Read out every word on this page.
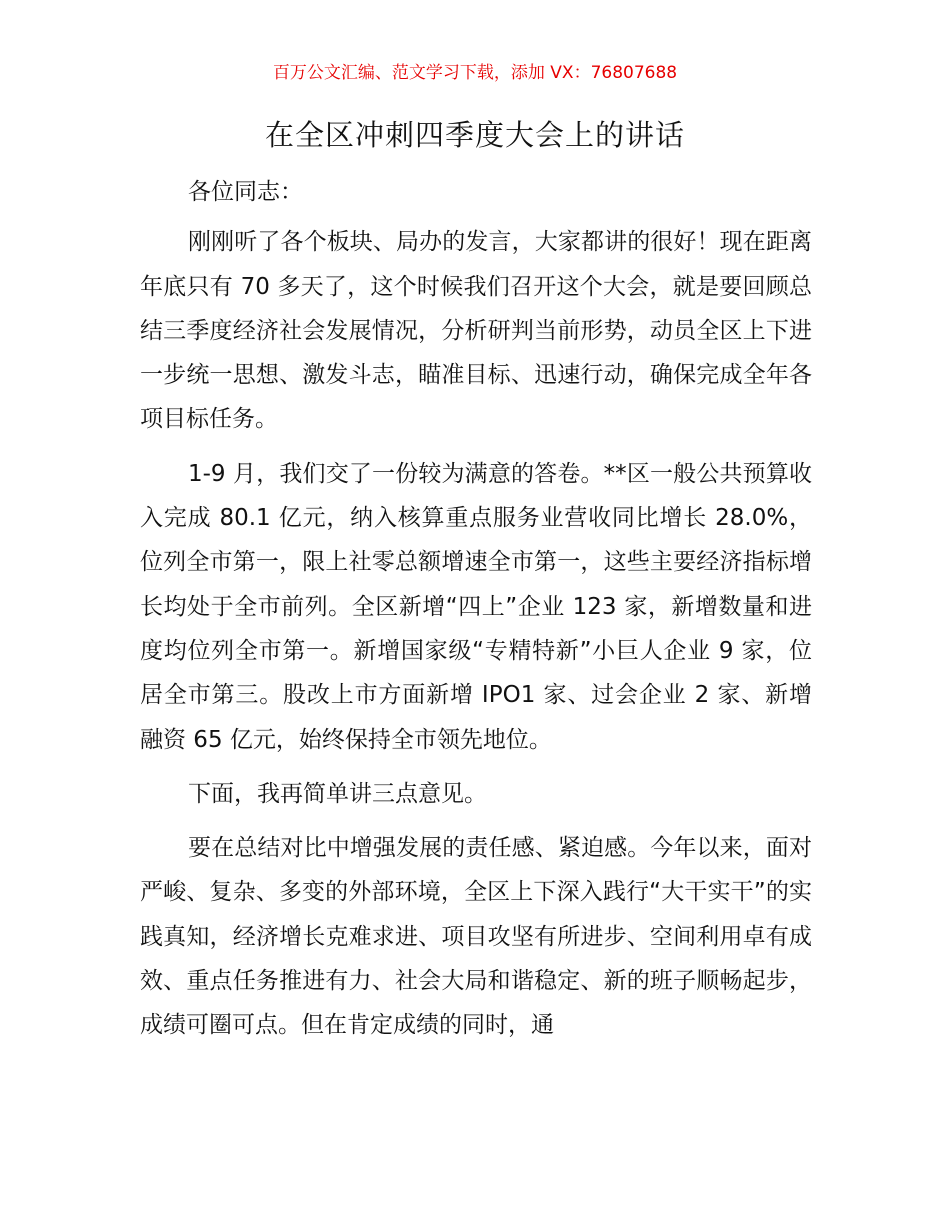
百万公文汇编、范文学习下载，添加 VX：76807688
在全区冲刺四季度大会上的讲话

各位同志：

刚刚听了各个板块、局办的发言，大家都讲的很好！现在距离年底只有 70 多天了，这个时候我们召开这个大会，就是要回顾总结三季度经济社会发展情况，分析研判当前形势，动员全区上下进一步统一思想、激发斗志，瞄准目标、迅速行动，确保完成全年各项目标任务。

1-9 月，我们交了一份较为满意的答卷。**区一般公共预算收入完成 80.1 亿元，纳入核算重点服务业营收同比增长 28.0%，位列全市第一，限上社零总额增速全市第一，这些主要经济指标增长均处于全市前列。全区新增“四上”企业 123 家，新增数量和进度均位列全市第一。新增国家级“专精特新”小巨人企业 9 家，位居全市第三。股改上市方面新增 IPO1 家、过会企业 2 家、新增融资 65 亿元，始终保持全市领先地位。

下面，我再简单讲三点意见。

要在总结对比中增强发展的责任感、紧迫感。今年以来，面对严峻、复杂、多变的外部环境，全区上下深入践行“大干实干”的实践真知，经济增长克难求进、项目攻坚有所进步、空间利用卓有成效、重点任务推进有力、社会大局和谐稳定、新的班子顺畅起步，成绩可圈可点。但在肯定成绩的同时，通
